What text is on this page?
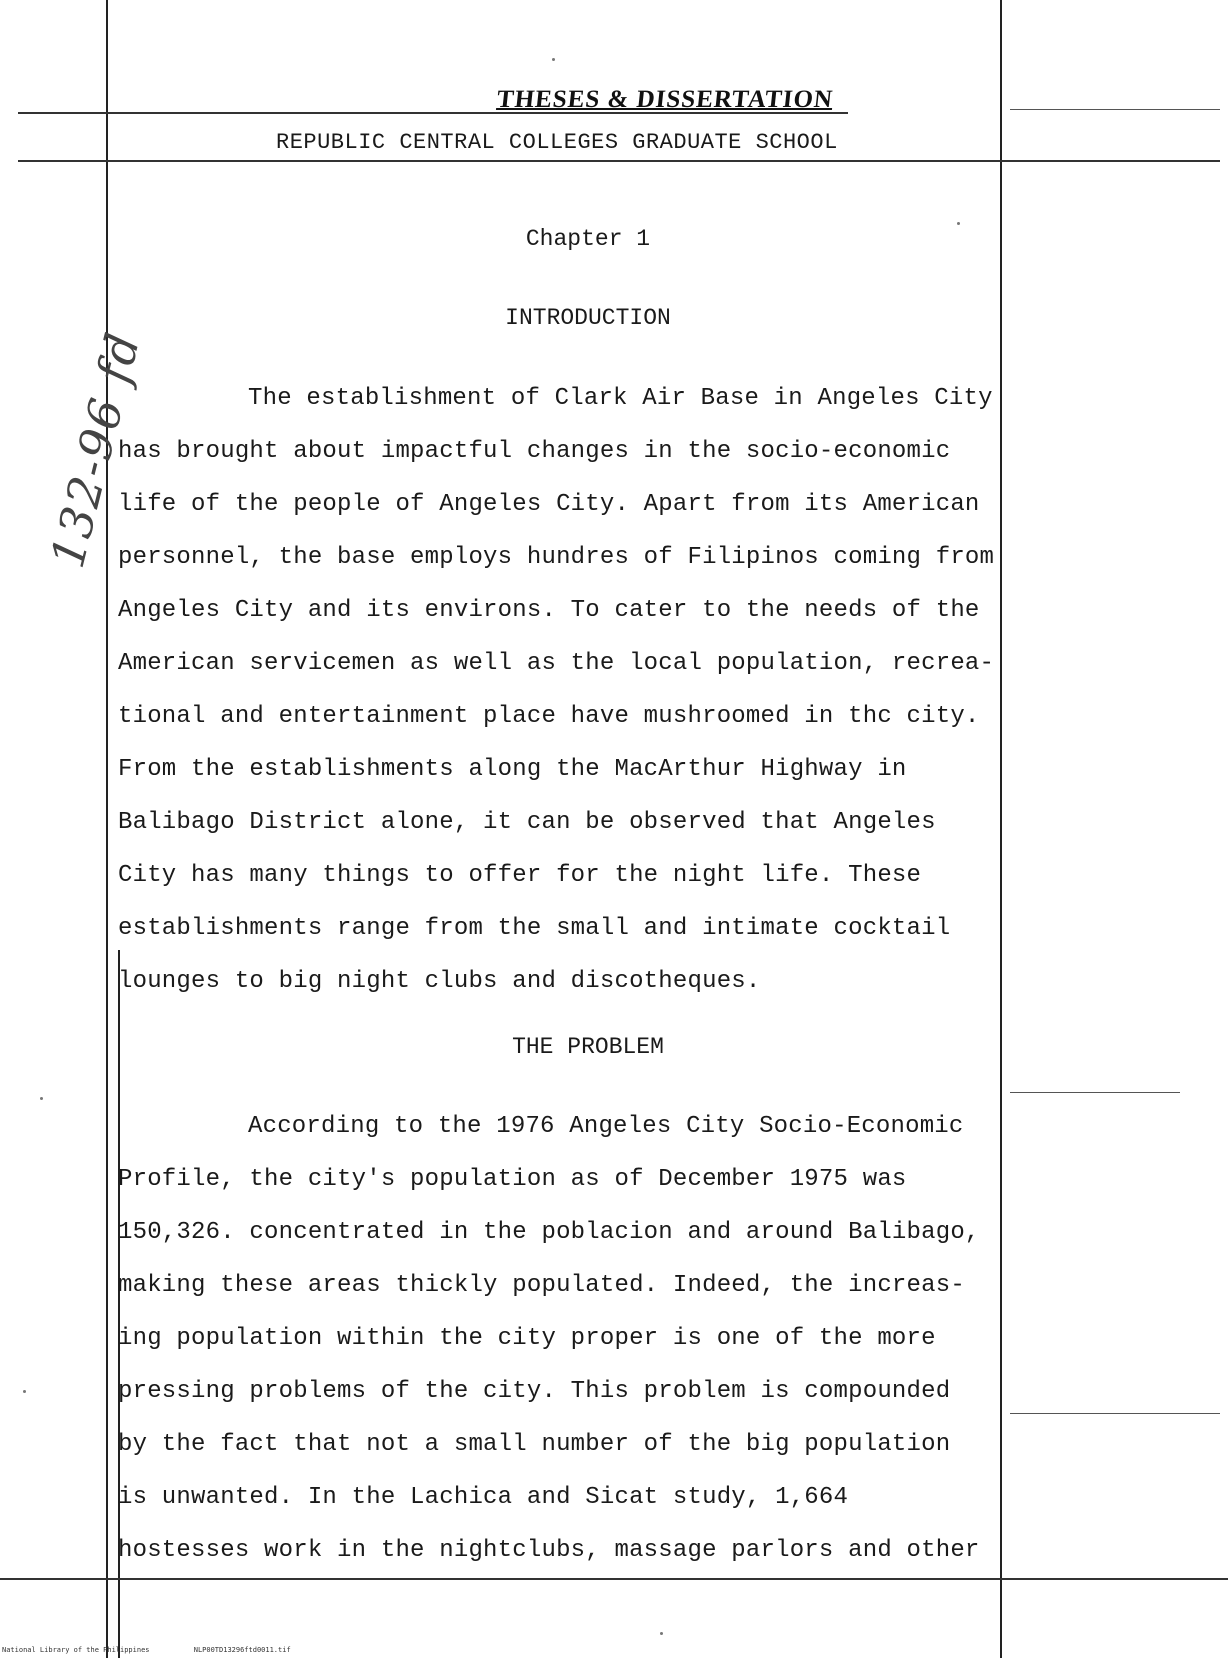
THESES & DISSERTATION
REPUBLIC CENTRAL COLLEGES GRADUATE SCHOOL
Chapter 1
INTRODUCTION
The establishment of Clark Air Base in Angeles City
has brought about impactful changes in the socio-economic
life of the people of Angeles City. Apart from its American
personnel, the base employs hundres of Filipinos coming from
Angeles City and its environs. To cater to the needs of the
American servicemen as well as the local population, recrea-
tional and entertainment place have mushroomed in thc city.
From the establishments along the MacArthur Highway in
Balibago District alone, it can be observed that Angeles
City has many things to offer for the night life. These
establishments range from the small and intimate cocktail
lounges to big night clubs and discotheques.
THE PROBLEM
According to the 1976 Angeles City Socio-Economic
Profile, the city's population as of December 1975 was
150,326. concentrated in the poblacion and around Balibago,
making these areas thickly populated. Indeed, the increas-
ing population within the city proper is one of the more
pressing problems of the city. This problem is compounded
by the fact that not a small number of the big population
is unwanted. In the Lachica and Sicat study, 1,664
hostesses work in the nightclubs, massage parlors and other
132-96 fd
National Library of the Philippines	NLP00TD13296ftd0011.tif
